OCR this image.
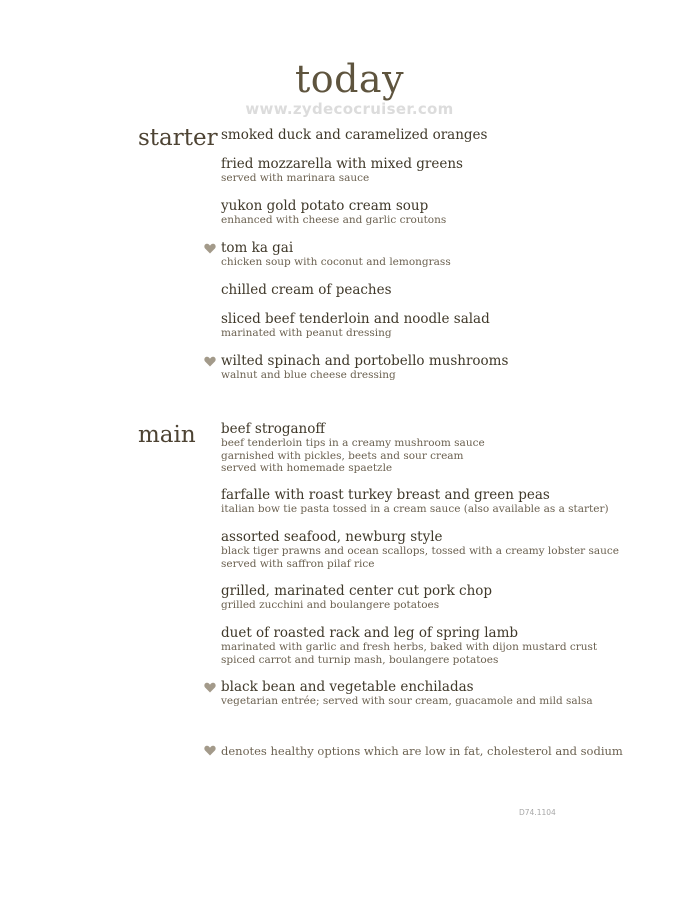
today
www.zydecocruiser.com
starter
main
smoked duck and caramelized oranges
fried mozzarella with mixed greens
served with marinara sauce
yukon gold potato cream soup
enhanced with cheese and garlic croutons
tom ka gai
chicken soup with coconut and lemongrass
chilled cream of peaches
sliced beef tenderloin and noodle salad
marinated with peanut dressing
wilted spinach and portobello mushrooms
walnut and blue cheese dressing
beef stroganoff
beef tenderloin tips in a creamy mushroom sauce
garnished with pickles, beets and sour cream
served with homemade spaetzle
farfalle with roast turkey breast and green peas
italian bow tie pasta tossed in a cream sauce (also available as a starter)
assorted seafood, newburg style
black tiger prawns and ocean scallops, tossed with a creamy lobster sauce
served with saffron pilaf rice
grilled, marinated center cut pork chop
grilled zucchini and boulangere potatoes
duet of roasted rack and leg of spring lamb
marinated with garlic and fresh herbs, baked with dijon mustard crust
spiced carrot and turnip mash, boulangere potatoes
black bean and vegetable enchiladas
vegetarian entrée; served with sour cream, guacamole and mild salsa
denotes healthy options which are low in fat, cholesterol and sodium
D74.1104
